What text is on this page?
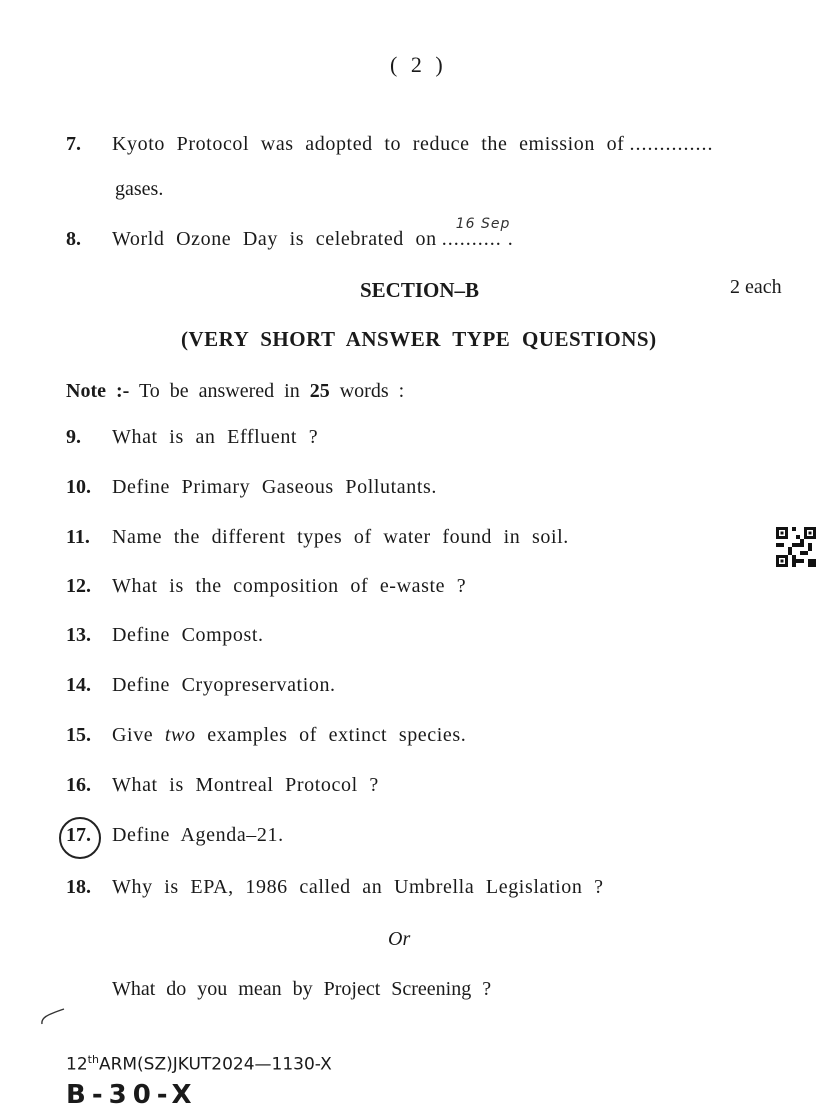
( 2 )
7. Kyoto Protocol was adopted to reduce the emission of ..............
gases.
8. World Ozone Day is celebrated on
16 Sep
.......... .
SECTION–B	2 each
(VERY SHORT ANSWER TYPE QUESTIONS)
Note :- To be answered in 25 words :
9. What is an Effluent ?
10. Define Primary Gaseous Pollutants.
11. Name the different types of water found in soil.
12. What is the composition of e-waste ?
13. Define Compost.
14. Define Cryopreservation.
15. Give two examples of extinct species.
16. What is Montreal Protocol ?
17. Define Agenda–21.
18. Why is EPA, 1986 called an Umbrella Legislation ?
Or
What do you mean by Project Screening ?
12thARM(SZ)JKUT2024—1130-X
B-30-X
